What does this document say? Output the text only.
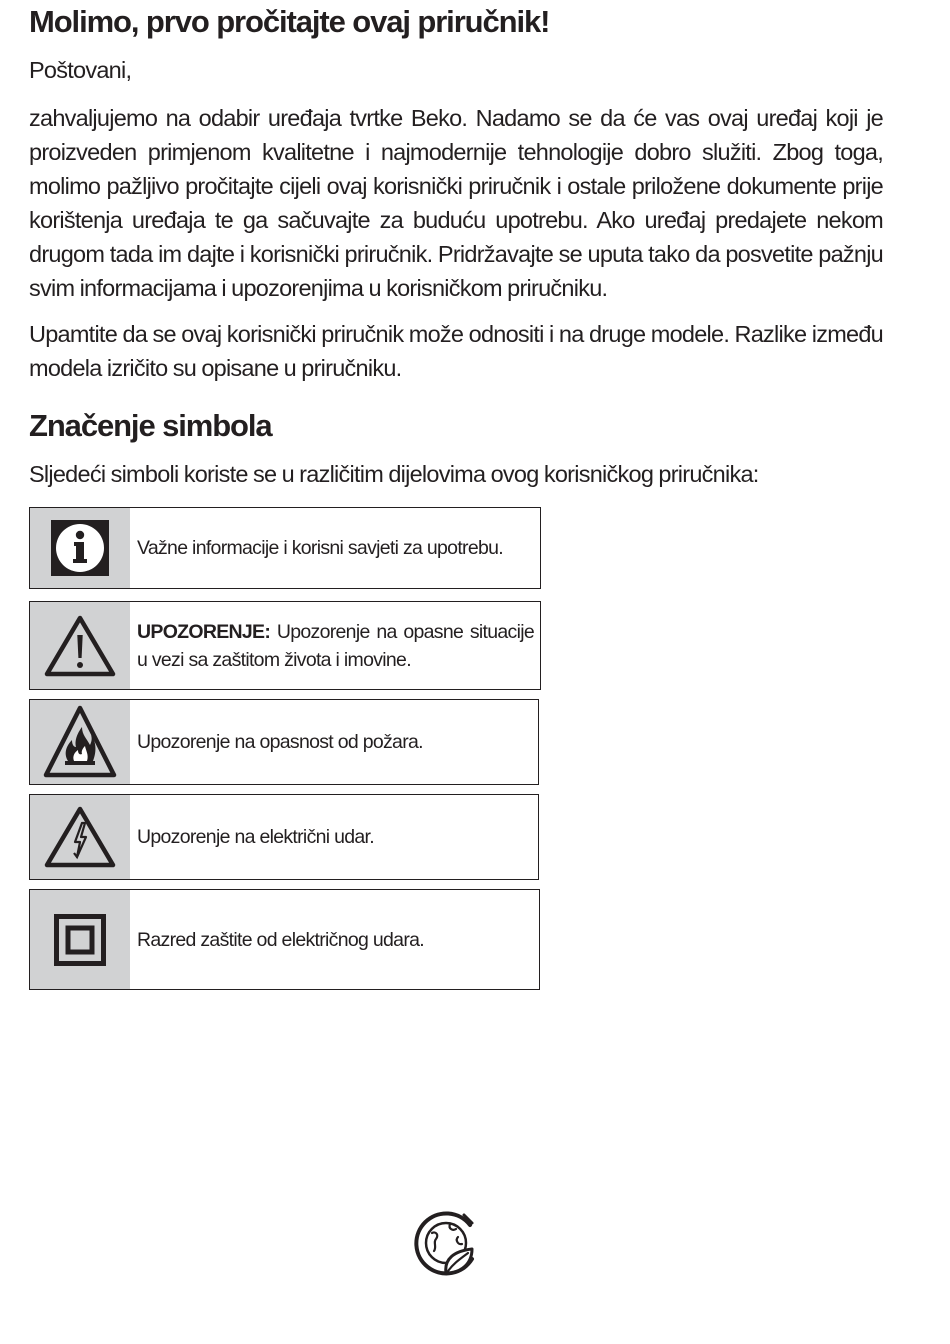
Molimo, prvo pročitajte ovaj priručnik!

Poštovani,

zahvaljujemo na odabir uređaja tvrtke Beko. Nadamo se da će vas ovaj uređaj koji je proizveden primjenom kvalitetne i najmodernije tehnologije dobro služiti. Zbog toga, molimo pažljivo pročitajte cijeli ovaj korisnički priručnik i ostale priložene dokumente prije korištenja uređaja te ga sačuvajte za buduću upotrebu. Ako uređaj predajete nekom drugom tada im dajte i korisnički priručnik. Pridržavajte se uputa tako da posvetite pažnju svim informacijama i upozorenjima u korisničkom priručniku.

Upamtite da se ovaj korisnički priručnik može odnositi i na druge modele. Razlike između modela izričito su opisane u priručniku.

Značenje simbola

Sljedeći simboli koriste se u različitim dijelovima ovog korisničkog priručnika:

Važne informacije i korisni savjeti za upotrebu.
UPOZORENJE: Upozorenje na opasne situacije u vezi sa zaštitom života i imovine.
Upozorenje na opasnost od požara.
Upozorenje na električni udar.
Razred zaštite od električnog udara.
